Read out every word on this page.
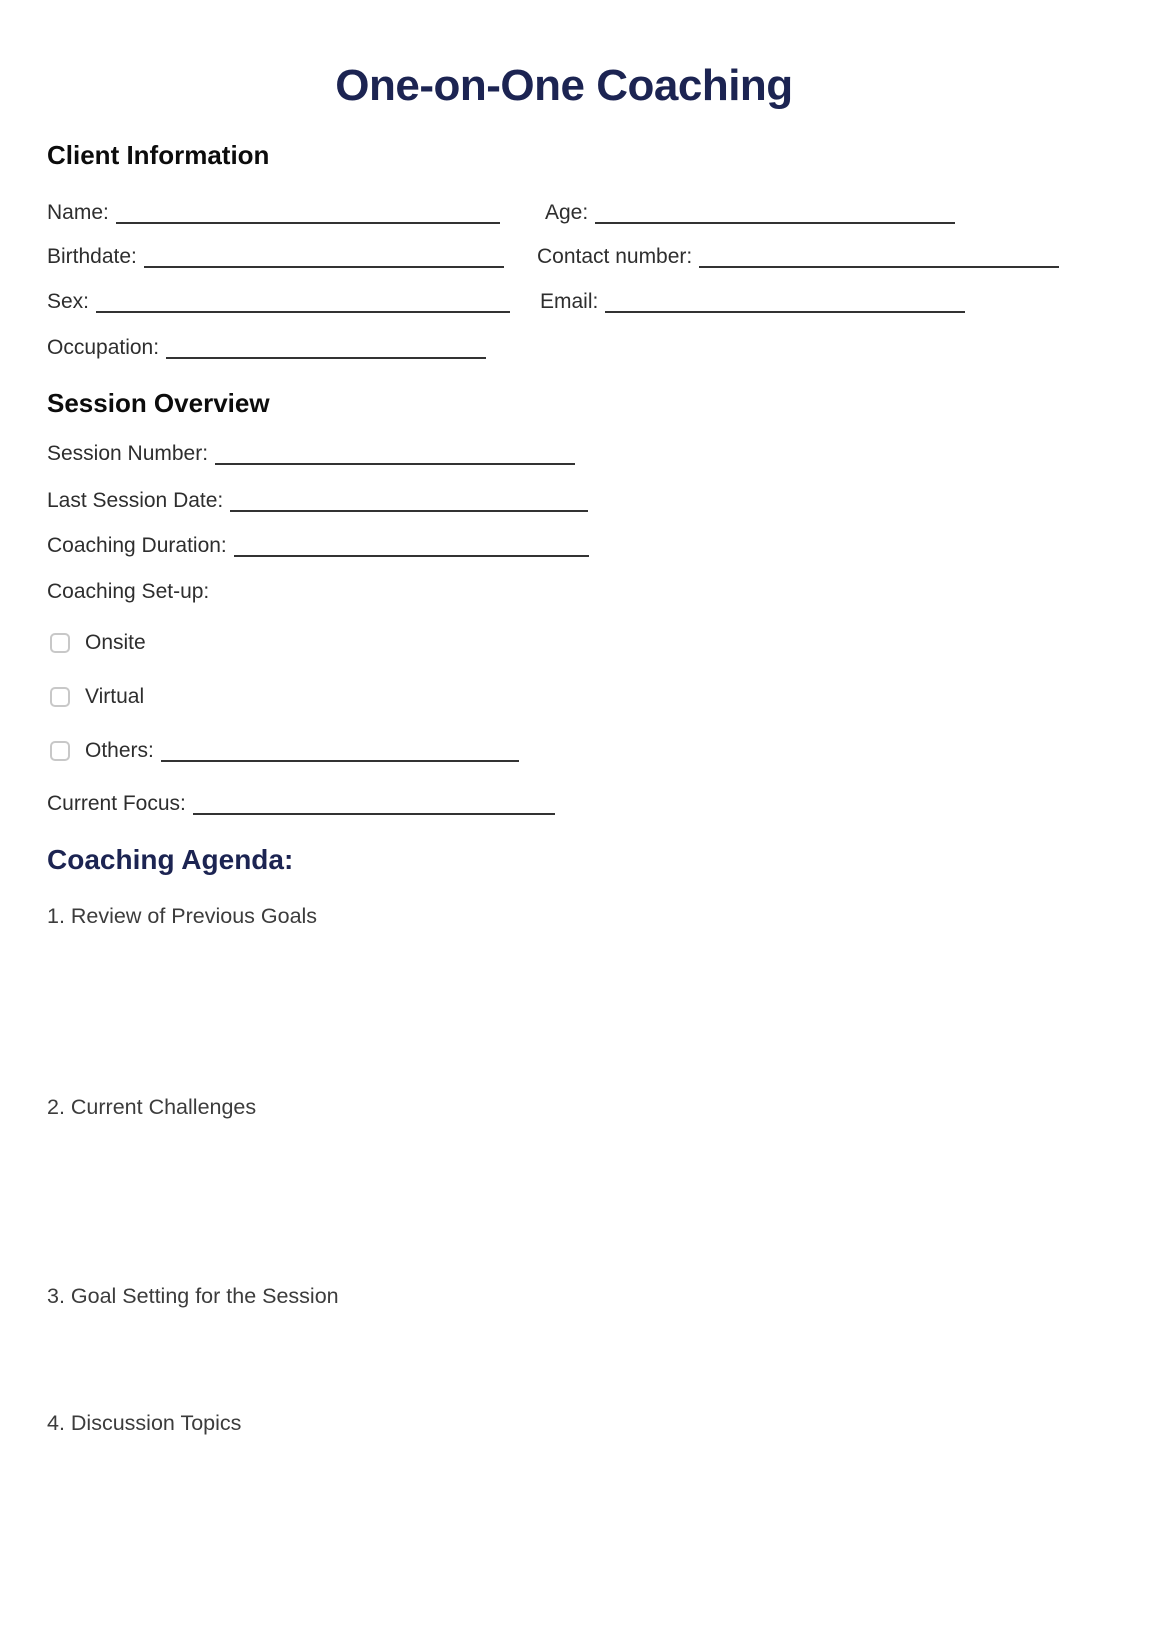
One-on-One Coaching
Client Information
Name:	Age:
Birthdate:	Contact number:
Sex:	Email:
Occupation:
Session Overview
Session Number:
Last Session Date:
Coaching Duration:
Coaching Set-up:
Onsite
Virtual
Others:
Current Focus:
Coaching Agenda:
1. Review of Previous Goals
2. Current Challenges
3. Goal Setting for the Session
4. Discussion Topics
